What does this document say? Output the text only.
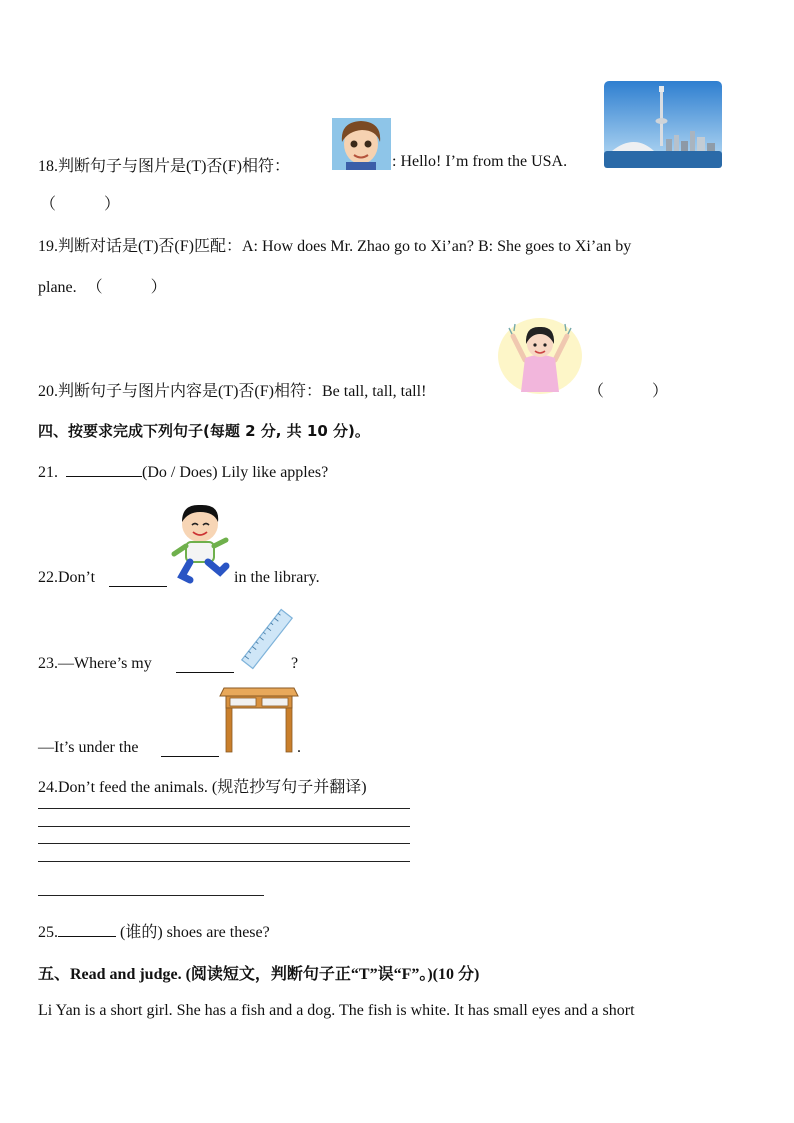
18.判断句子与图片是(T)否(F)相符：	: Hello! I’m from the USA.
（　　　）
19.判断对话是(T)否(F)匹配：A: How does Mr. Zhao go to Xi’an? B: She goes to Xi’an by
plane. （　　　）
20.判断句子与图片内容是(T)否(F)相符：Be tall, tall, tall!	（　　　）
四、按要求完成下列句子(每题 2 分, 共 10 分)。
21.	(Do / Does) Lily like apples?
22.Don’t	in the library.
23.—Where’s my	?
—It’s under the	.
24.Don’t feed the animals. (规范抄写句子并翻译)
25.	(谁的) shoes are these?
五、Read and judge. (阅读短文，判断句子正“T”误“F”。)(10 分)
Li Yan is a short girl. She has a fish and a dog. The fish is white. It has small eyes and a short
